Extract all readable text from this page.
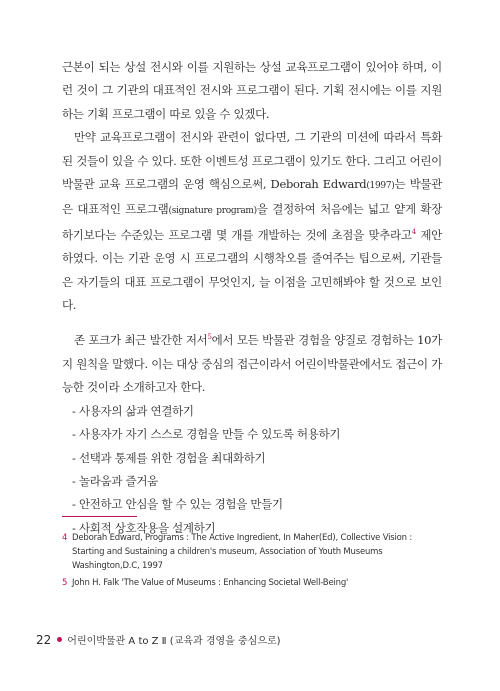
근본이 되는 상설 전시와 이를 지원하는 상설 교육프로그램이 있어야 하며, 이런 것이 그 기관의 대표적인 전시와 프로그램이 된다. 기획 전시에는 이를 지원하는 기획 프로그램이 따로 있을 수 있겠다.

만약 교육프로그램이 전시와 관련이 없다면, 그 기관의 미션에 따라서 특화된 것들이 있을 수 있다. 또한 이벤트성 프로그램이 있기도 한다. 그리고 어린이박물관 교육 프로그램의 운영 핵심으로써, Deborah Edward(1997)는 박물관은 대표적인 프로그램(signature program)을 결정하여 처음에는 넓고 얕게 확장하기보다는 수준있는 프로그램 몇 개를 개발하는 것에 초점을 맞추라고$^4$ 제안하였다. 이는 기관 운영 시 프로그램의 시행착오를 줄여주는 팁으로써, 기관들은 자기들의 대표 프로그램이 무엇인지, 늘 이점을 고민해봐야 할 것으로 보인다.

존 포크가 최근 발간한 저서$^5$에서 모든 박물관 경험을 양질로 경험하는 10가지 원칙을 말했다. 이는 대상 중심의 접근이라서 어린이박물관에서도 접근이 가능한 것이라 소개하고자 한다.

- 사용자의 삶과 연결하기
- 사용자가 자기 스스로 경험을 만들 수 있도록 허용하기
- 선택과 통제를 위한 경험을 최대화하기
- 놀라움과 즐거움
- 안전하고 안심을 할 수 있는 경험을 만들기
- 사회적 상호작용을 설계하기
4 Deborah Edward, Programs : The Active Ingredient, In Maher(Ed), Collective Vision : Starting and Sustaining a children's museum, Association of Youth Museums Washington,D.C, 1997
5 John H. Falk 'The Value of Museums : Enhancing Societal Well-Being'
22 어린이박물관 A to Z Ⅱ (교육과 경영을 중심으로)
